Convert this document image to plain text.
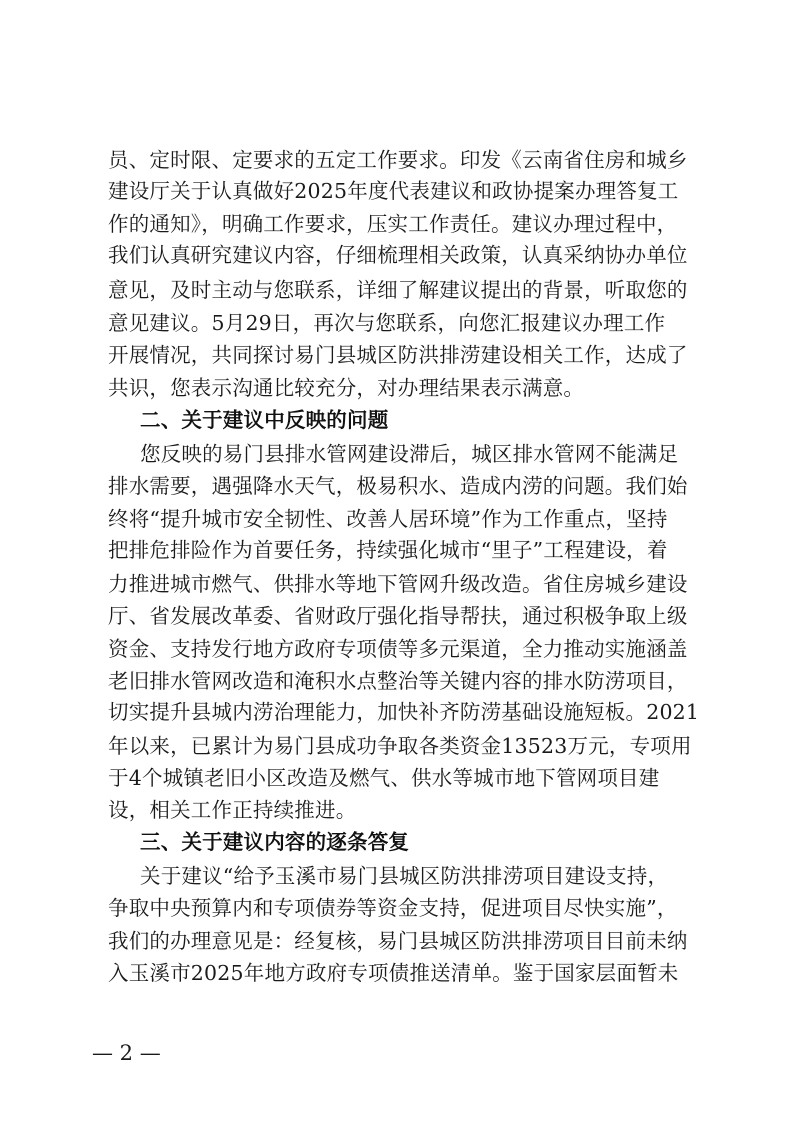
员、定时限、定要求的五定工作要求。印发《云南省住房和城乡
建设厅关于认真做好2025年度代表建议和政协提案办理答复工
作的通知》，明确工作要求，压实工作责任。建议办理过程中，
我们认真研究建议内容，仔细梳理相关政策，认真采纳协办单位
意见，及时主动与您联系，详细了解建议提出的背景，听取您的
意见建议。5月29日，再次与您联系，向您汇报建议办理工作
开展情况，共同探讨易门县城区防洪排涝建设相关工作，达成了
共识，您表示沟通比较充分，对办理结果表示满意。
二、关于建议中反映的问题
您反映的易门县排水管网建设滞后，城区排水管网不能满足
排水需要，遇强降水天气，极易积水、造成内涝的问题。我们始
终将“提升城市安全韧性、改善人居环境”作为工作重点，坚持
把排危排险作为首要任务，持续强化城市“里子”工程建设，着
力推进城市燃气、供排水等地下管网升级改造。省住房城乡建设
厅、省发展改革委、省财政厅强化指导帮扶，通过积极争取上级
资金、支持发行地方政府专项债等多元渠道，全力推动实施涵盖
老旧排水管网改造和淹积水点整治等关键内容的排水防涝项目，
切实提升县城内涝治理能力，加快补齐防涝基础设施短板。2021
年以来，已累计为易门县成功争取各类资金13523万元，专项用
于4个城镇老旧小区改造及燃气、供水等城市地下管网项目建
设，相关工作正持续推进。
三、关于建议内容的逐条答复
关于建议“给予玉溪市易门县城区防洪排涝项目建设支持，
争取中央预算内和专项债券等资金支持，促进项目尽快实施”，
我们的办理意见是：经复核，易门县城区防洪排涝项目目前未纳
入玉溪市2025年地方政府专项债推送清单。鉴于国家层面暂未
— 2 —
